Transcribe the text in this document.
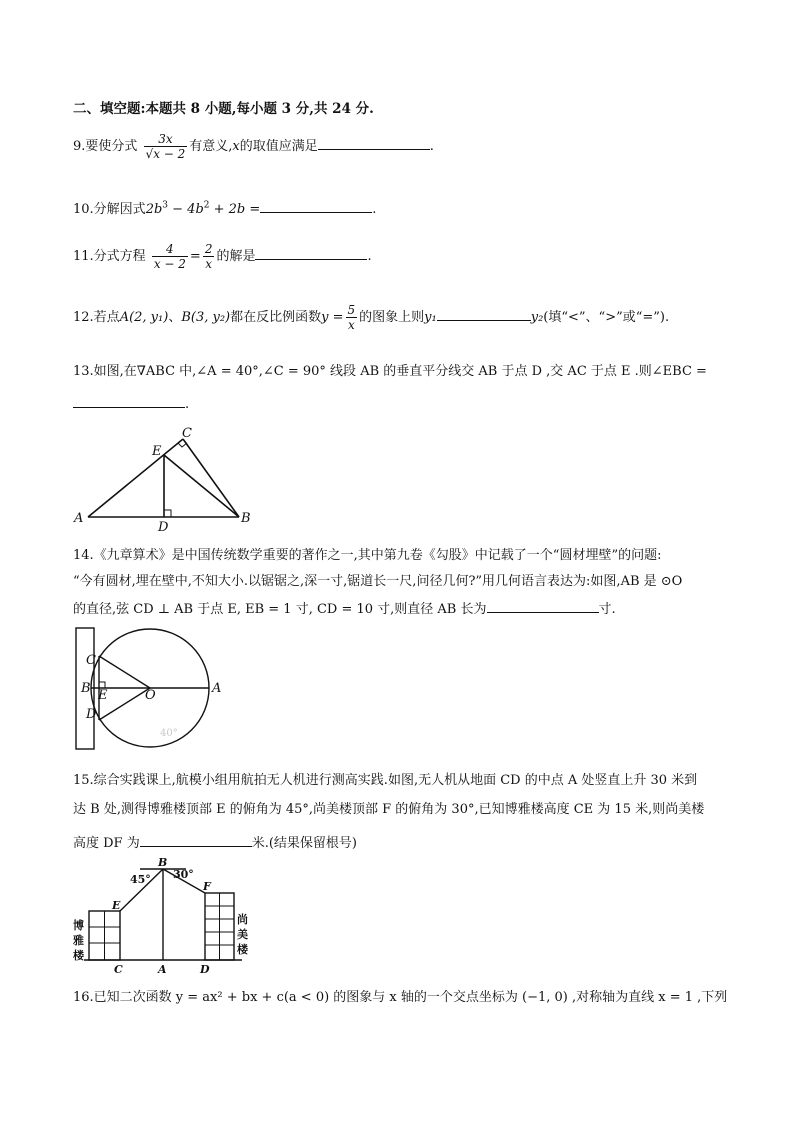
二、填空题:本题共 8 小题,每小题 3 分,共 24 分.
9.要使分式 $\frac{3x}{√x - 2}$ 有意义,x的取值应满足	.
10.分解因式$2b^3 - 4b^2 + 2b$ =	.
11.分式方程 $\frac{4}{x - 2} = \frac{2}{x}$ 的解是	.
12.若点A(2, y₁)、B(3, y₂)都在反比例函数$y = \frac{5}{x}$ 的图象上则y₁	y₂(填“<”、“>”或“=”).
13.如图,在∇ABC 中,∠A = 40°,∠C = 90° 线段 AB 的垂直平分线交 AB 于点 D ,交 AC 于点 E .则∠EBC =
.
A	B
C
D
E
14.《九章算术》是中国传统数学重要的著作之一,其中第九卷《勾股》中记载了一个“圆材埋壁”的问题:
“今有圆材,埋在壁中,不知大小.以锯锯之,深一寸,锯道长一尺,问径几何?”用几何语言表达为:如图,AB 是 ⊙O
的直径,弦 CD ⊥ AB 于点 E, EB = 1 寸, CD = 10 寸,则直径 AB 长为	寸.
40°
C
B E
D
O	A
15.综合实践课上,航模小组用航拍无人机进行测高实践.如图,无人机从地面 CD 的中点 A 处竖直上升 30 米到
达 B 处,测得博雅楼顶部 E 的俯角为 45°,尚美楼顶部 F 的俯角为 30°,已知博雅楼高度 CE 为 15 米,则尚美楼
高度 DF 为	米.(结果保留根号)
B
45° 30°
E
F
C	A	D
博
雅
楼
尚
美
楼
16.已知二次函数 y = ax² + bx + c(a < 0) 的图象与 x 轴的一个交点坐标为 (−1, 0) ,对称轴为直线 x = 1 ,下列
